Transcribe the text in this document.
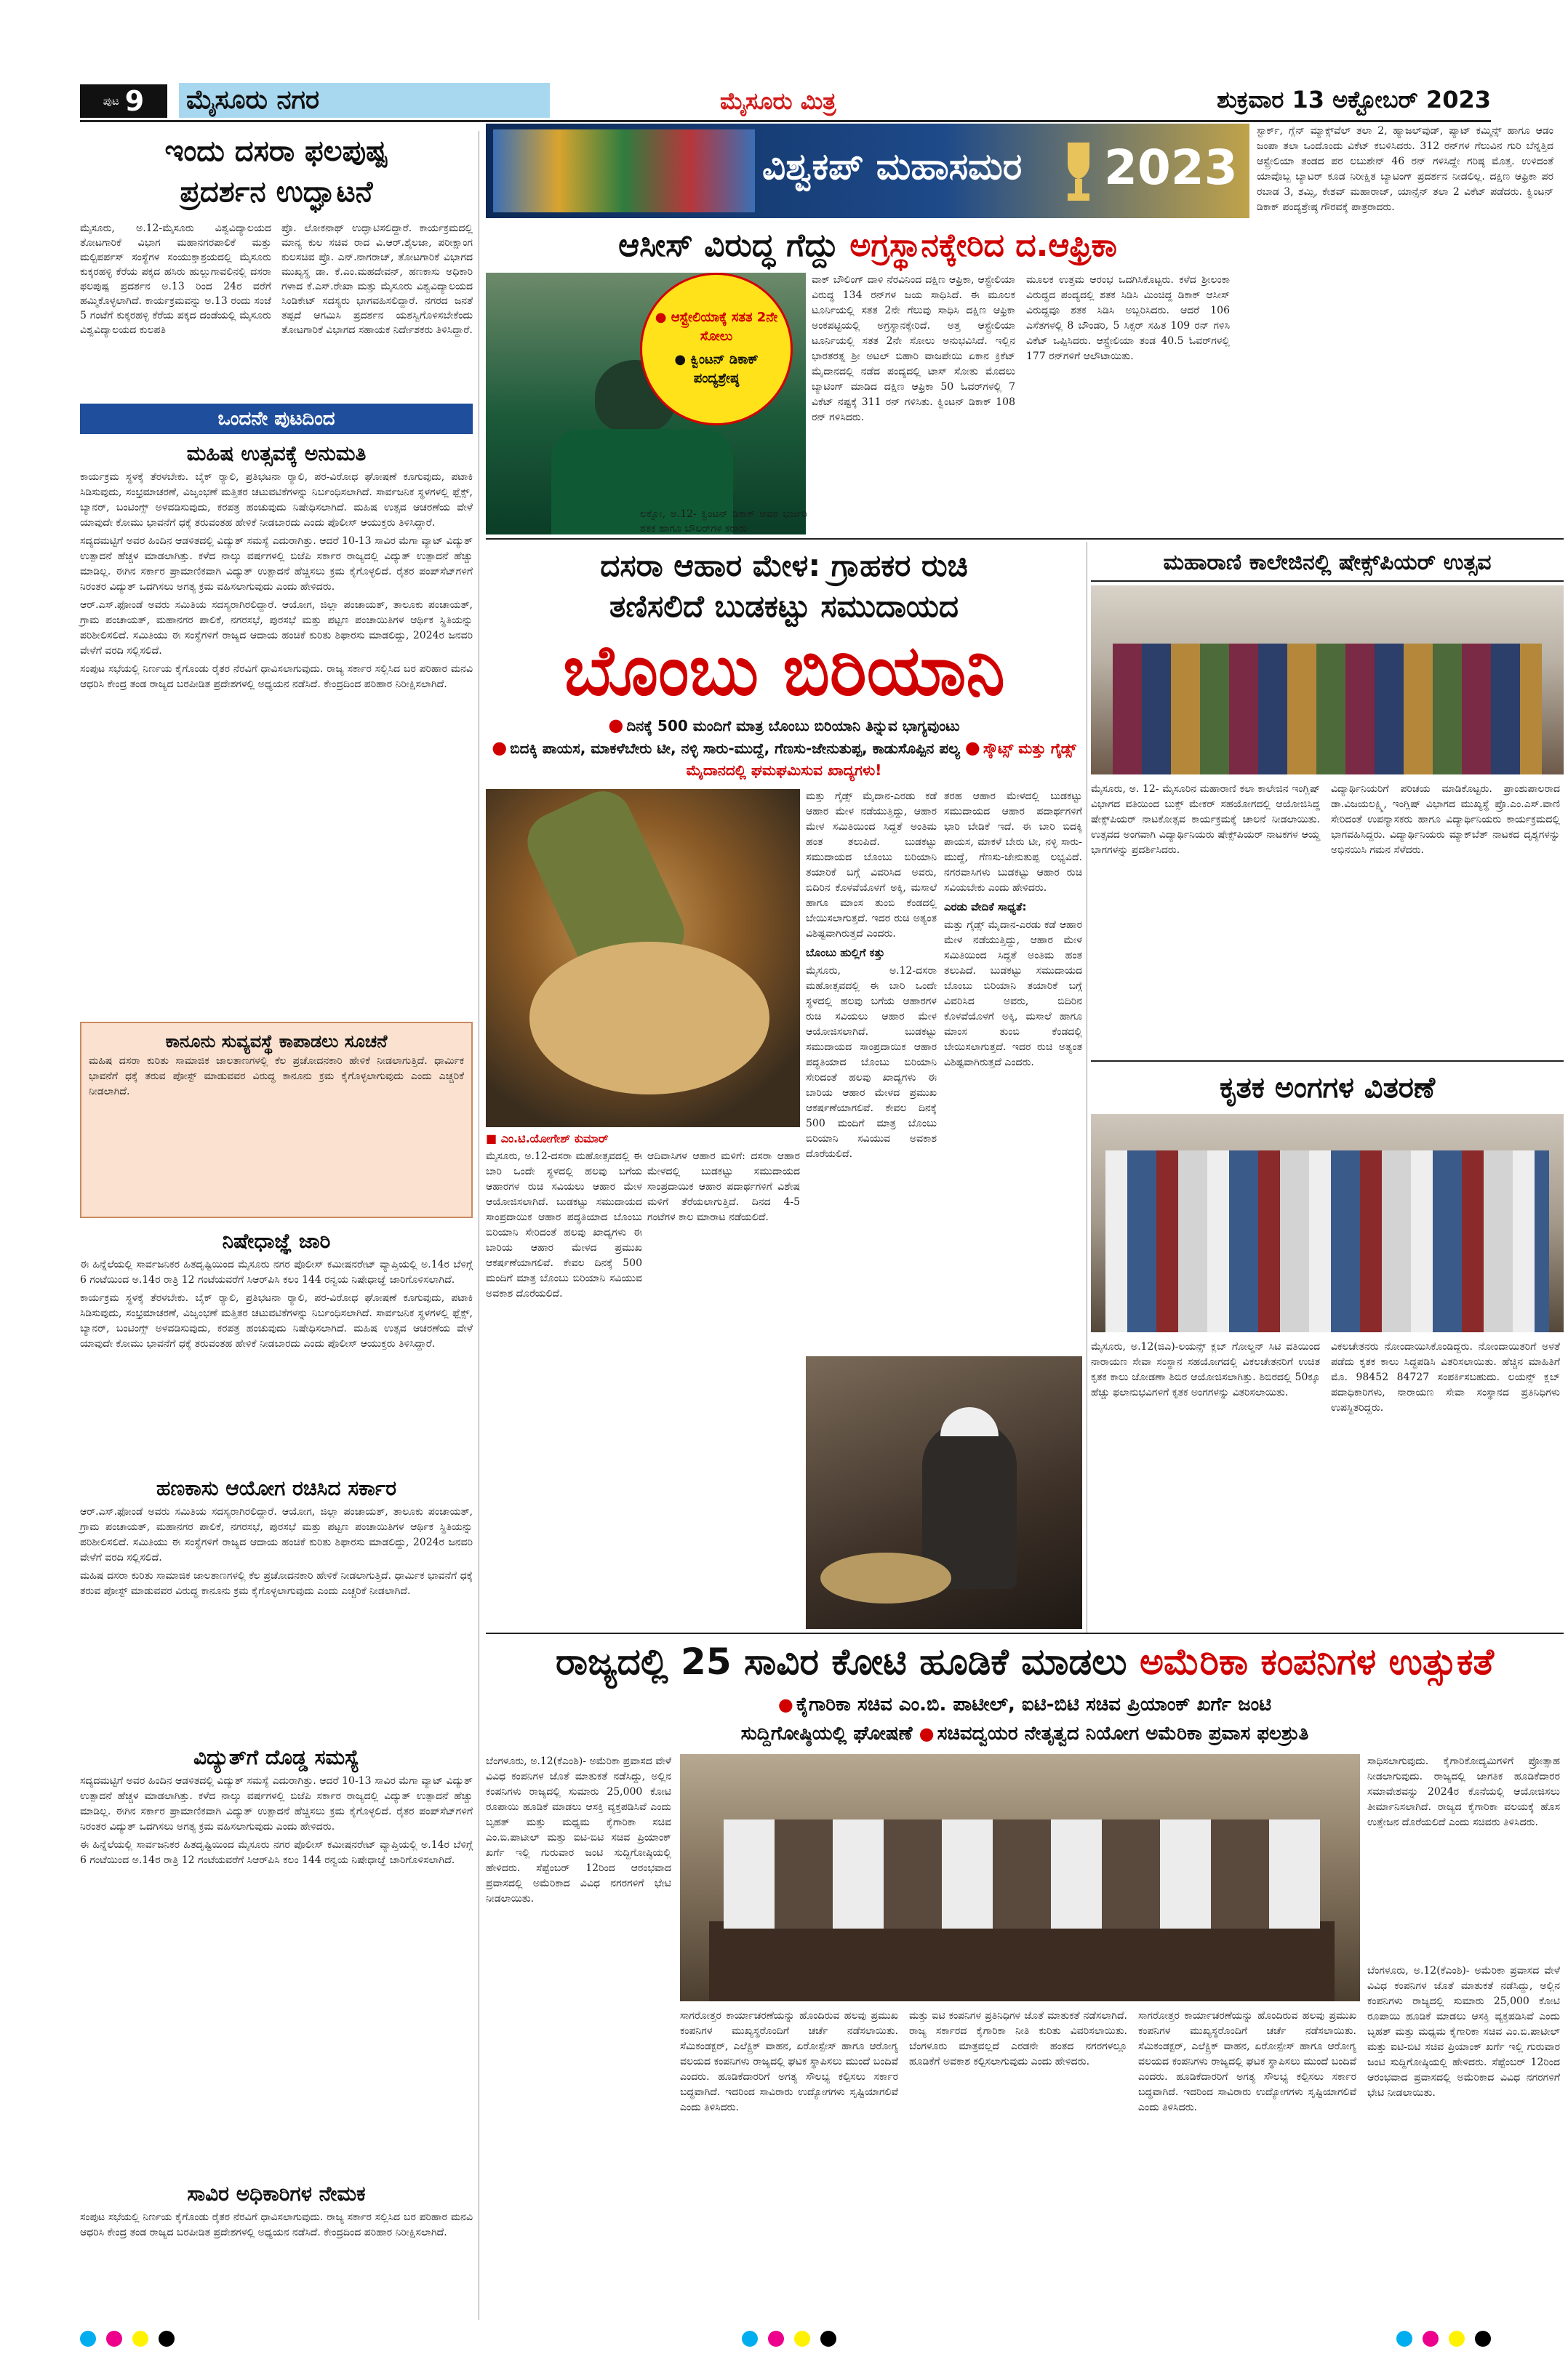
ಪುಟ 9 ಮೈಸೂರು ನಗರ	ಮೈಸೂರು ಮಿತ್ರ	ಶುಕ್ರವಾರ 13 ಅಕ್ಟೋಬರ್ 2023
ಇಂದು ದಸರಾ ಫಲಪುಷ್ಪ
ಪ್ರದರ್ಶನ ಉದ್ಘಾಟನೆ
ಮೈಸೂರು, ಅ.12-ಮೈಸೂರು ವಿಶ್ವವಿದ್ಯಾಲಯದ ತೋಟಗಾರಿಕೆ ವಿಭಾಗ ಮಹಾನಗರಪಾಲಿಕೆ ಮತ್ತು ಮಲ್ಟಿಪರ್ಪಸ್ ಸಂಸ್ಥೆಗಳ ಸಂಯುಕ್ತಾಶ್ರಯದಲ್ಲಿ ಮೈಸೂರು ಕುಕ್ಕರಹಳ್ಳಿ ಕೆರೆಯ ಪಕ್ಕದ ಹಸಿರು ಹುಲ್ಲುಗಾವಲಿನಲ್ಲಿ ದಸರಾ ಫಲಪುಷ್ಪ ಪ್ರದರ್ಶನ ಅ.13 ರಿಂದ 24ರ ವರೆಗೆ ಹಮ್ಮಿಕೊಳ್ಳಲಾಗಿದೆ. ಕಾರ್ಯಕ್ರಮವನ್ನು ಅ.13 ರಂದು ಸಂಜೆ 5 ಗಂಟೆಗೆ ಕುಕ್ಕರಹಳ್ಳಿ ಕೆರೆಯ ಪಕ್ಕದ ದಂಡೆಯಲ್ಲಿ ಮೈಸೂರು ವಿಶ್ವವಿದ್ಯಾಲಯದ ಕುಲಪತಿ
ಪ್ರೊ. ಲೋಕನಾಥ್ ಉದ್ಘಾಟಿಸಲಿದ್ದಾರೆ. ಕಾರ್ಯಕ್ರಮದಲ್ಲಿ ಮಾನ್ಯ ಕುಲ ಸಚಿವ ರಾದ ವಿ.ಆರ್.ಶೈಲಜಾ, ಪರೀಕ್ಷಾಂಗ ಕುಲಸಚಿವ ಪ್ರೊ. ಎನ್.ನಾಗರಾಜ್, ತೋಟಗಾರಿಕೆ ವಿಭಾಗದ ಮುಖ್ಯಸ್ಥ ಡಾ. ಕೆ.ಎಂ.ಮಹದೇವನ್, ಹಣಕಾಸು ಅಧಿಕಾರಿ ಗಳಾದ ಕೆ.ಎಸ್.ರೇಖಾ ಮತ್ತು ಮೈಸೂರು ವಿಶ್ವವಿದ್ಯಾಲಯದ ಸಿಂಡಿಕೇಟ್ ಸದಸ್ಯರು ಭಾಗವಹಿಸಲಿದ್ದಾರೆ. ನಗರದ ಜನತೆ ತಪ್ಪದೆ ಆಗಮಿಸಿ ಪ್ರದರ್ಶನ ಯಶಸ್ವಿಗೊಳಿಸಬೇಕೆಂದು ತೋಟಗಾರಿಕೆ ವಿಭಾಗದ ಸಹಾಯಕ ನಿರ್ದೇಶಕರು ತಿಳಿಸಿದ್ದಾರೆ.
ಒಂದನೇ ಪುಟದಿಂದ
ಮಹಿಷ ಉತ್ಸವಕ್ಕೆ ಅನುಮತಿ
ಕಾರ್ಯಕ್ರಮ ಸ್ಥಳಕ್ಕೆ ತೆರಳಬೇಕು. ಬೈಕ್ ರ್‍ಯಾಲಿ, ಪ್ರತಿಭಟನಾ ರ್‍ಯಾಲಿ, ಪರ-ವಿರೋಧ ಘೋಷಣೆ ಕೂಗುವುದು, ಪಟಾಕಿ ಸಿಡಿಸುವುದು, ಸಂಭ್ರಮಾಚರಣೆ, ವಿಜೃಂಭಣೆ ಮತ್ತಿತರ ಚಟುವಟಿಕೆಗಳನ್ನು ನಿರ್ಬಂಧಿಸಲಾಗಿದೆ. ಸಾರ್ವಜನಿಕ ಸ್ಥಳಗಳಲ್ಲಿ ಫ್ಲೆಕ್ಸ್, ಬ್ಯಾನರ್, ಬಂಟಿಂಗ್ಸ್ ಅಳವಡಿಸುವುದು, ಕರಪತ್ರ ಹಂಚುವುದು ನಿಷೇಧಿಸಲಾಗಿದೆ. ಮಹಿಷ ಉತ್ಸವ ಆಚರಣೆಯ ವೇಳೆ ಯಾವುದೇ ಕೋಮು ಭಾವನೆಗೆ ಧಕ್ಕೆ ತರುವಂತಹ ಹೇಳಿಕೆ ನೀಡಬಾರದು ಎಂದು ಪೊಲೀಸ್ ಆಯುಕ್ತರು ತಿಳಿಸಿದ್ದಾರೆ.
ಸದ್ಯದಮಟ್ಟಿಗೆ ಅವರ ಹಿಂದಿನ ಆಡಳಿತದಲ್ಲಿ ವಿದ್ಯುತ್ ಸಮಸ್ಯೆ ಎದುರಾಗಿತ್ತು. ಆದರೆ 10-13 ಸಾವಿರ ಮೆಗಾ ವ್ಯಾಟ್ ವಿದ್ಯುತ್ ಉತ್ಪಾದನೆ ಹೆಚ್ಚಳ ಮಾಡಲಾಗಿತ್ತು. ಕಳೆದ ನಾಲ್ಕು ವರ್ಷಗಳಲ್ಲಿ ಬಿಜೆಪಿ ಸರ್ಕಾರ ರಾಜ್ಯದಲ್ಲಿ ವಿದ್ಯುತ್ ಉತ್ಪಾದನೆ ಹೆಚ್ಚು ಮಾಡಿಲ್ಲ. ಈಗಿನ ಸರ್ಕಾರ ಪ್ರಾಮಾಣಿಕವಾಗಿ ವಿದ್ಯುತ್ ಉತ್ಪಾದನೆ ಹೆಚ್ಚಿಸಲು ಕ್ರಮ ಕೈಗೊಳ್ಳಲಿದೆ. ರೈತರ ಪಂಪ್‌ಸೆಟ್‌ಗಳಿಗೆ ನಿರಂತರ ವಿದ್ಯುತ್ ಒದಗಿಸಲು ಅಗತ್ಯ ಕ್ರಮ ವಹಿಸಲಾಗುವುದು ಎಂದು ಹೇಳಿದರು.
ಆರ್.ಎಸ್.ಫೋಂಡೆ ಅವರು ಸಮಿತಿಯ ಸದಸ್ಯರಾಗಿರಲಿದ್ದಾರೆ. ಆಯೋಗ, ಜಿಲ್ಲಾ ಪಂಚಾಯತ್, ತಾಲೂಕು ಪಂಚಾಯತ್, ಗ್ರಾಮ ಪಂಚಾಯತ್, ಮಹಾನಗರ ಪಾಲಿಕೆ, ನಗರಸಭೆ, ಪುರಸಭೆ ಮತ್ತು ಪಟ್ಟಣ ಪಂಚಾಯಿತಿಗಳ ಆರ್ಥಿಕ ಸ್ಥಿತಿಯನ್ನು ಪರಿಶೀಲಿಸಲಿದೆ. ಸಮಿತಿಯು ಈ ಸಂಸ್ಥೆಗಳಿಗೆ ರಾಜ್ಯದ ಆದಾಯ ಹಂಚಿಕೆ ಕುರಿತು ಶಿಫಾರಸು ಮಾಡಲಿದ್ದು, 2024ರ ಜನವರಿ ವೇಳೆಗೆ ವರದಿ ಸಲ್ಲಿಸಲಿದೆ.
ಸಂಪುಟ ಸಭೆಯಲ್ಲಿ ನಿರ್ಣಯ ಕೈಗೊಂಡು ರೈತರ ನೆರವಿಗೆ ಧಾವಿಸಲಾಗುವುದು. ರಾಜ್ಯ ಸರ್ಕಾರ ಸಲ್ಲಿಸಿದ ಬರ ಪರಿಹಾರ ಮನವಿ ಆಧರಿಸಿ ಕೇಂದ್ರ ತಂಡ ರಾಜ್ಯದ ಬರಪೀಡಿತ ಪ್ರದೇಶಗಳಲ್ಲಿ ಅಧ್ಯಯನ ನಡೆಸಿದೆ. ಕೇಂದ್ರದಿಂದ ಪರಿಹಾರ ನಿರೀಕ್ಷಿಸಲಾಗಿದೆ.
ಕಾನೂನು ಸುವ್ಯವಸ್ಥೆ ಕಾಪಾಡಲು ಸೂಚನೆ
ಮಹಿಷ ದಸರಾ ಕುರಿತು ಸಾಮಾಜಿಕ ಜಾಲತಾಣಗಳಲ್ಲಿ ಕೆಲ ಪ್ರಚೋದನಕಾರಿ ಹೇಳಿಕೆ ನೀಡಲಾಗುತ್ತಿದೆ. ಧಾರ್ಮಿಕ ಭಾವನೆಗೆ ಧಕ್ಕೆ ತರುವ ಪೋಸ್ಟ್ ಮಾಡುವವರ ವಿರುದ್ಧ ಕಾನೂನು ಕ್ರಮ ಕೈಗೊಳ್ಳಲಾಗುವುದು ಎಂದು ಎಚ್ಚರಿಕೆ ನೀಡಲಾಗಿದೆ.
ನಿಷೇಧಾಜ್ಞೆ ಜಾರಿ
ಈ ಹಿನ್ನೆಲೆಯಲ್ಲಿ ಸಾರ್ವಜನಿಕರ ಹಿತದೃಷ್ಟಿಯಿಂದ ಮೈಸೂರು ನಗರ ಪೊಲೀಸ್ ಕಮೀಷನರೇಟ್ ವ್ಯಾಪ್ತಿಯಲ್ಲಿ ಅ.14ರ ಬೆಳಿಗ್ಗೆ 6 ಗಂಟೆಯಿಂದ ಅ.14ರ ರಾತ್ರಿ 12 ಗಂಟೆಯವರೆಗೆ ಸಿಆರ್‌ಪಿಸಿ ಕಲಂ 144 ರನ್ವಯ ನಿಷೇಧಾಜ್ಞೆ ಜಾರಿಗೊಳಿಸಲಾಗಿದೆ.
ಕಾರ್ಯಕ್ರಮ ಸ್ಥಳಕ್ಕೆ ತೆರಳಬೇಕು. ಬೈಕ್ ರ್‍ಯಾಲಿ, ಪ್ರತಿಭಟನಾ ರ್‍ಯಾಲಿ, ಪರ-ವಿರೋಧ ಘೋಷಣೆ ಕೂಗುವುದು, ಪಟಾಕಿ ಸಿಡಿಸುವುದು, ಸಂಭ್ರಮಾಚರಣೆ, ವಿಜೃಂಭಣೆ ಮತ್ತಿತರ ಚಟುವಟಿಕೆಗಳನ್ನು ನಿರ್ಬಂಧಿಸಲಾಗಿದೆ. ಸಾರ್ವಜನಿಕ ಸ್ಥಳಗಳಲ್ಲಿ ಫ್ಲೆಕ್ಸ್, ಬ್ಯಾನರ್, ಬಂಟಿಂಗ್ಸ್ ಅಳವಡಿಸುವುದು, ಕರಪತ್ರ ಹಂಚುವುದು ನಿಷೇಧಿಸಲಾಗಿದೆ. ಮಹಿಷ ಉತ್ಸವ ಆಚರಣೆಯ ವೇಳೆ ಯಾವುದೇ ಕೋಮು ಭಾವನೆಗೆ ಧಕ್ಕೆ ತರುವಂತಹ ಹೇಳಿಕೆ ನೀಡಬಾರದು ಎಂದು ಪೊಲೀಸ್ ಆಯುಕ್ತರು ತಿಳಿಸಿದ್ದಾರೆ.
ಹಣಕಾಸು ಆಯೋಗ ರಚಿಸಿದ ಸರ್ಕಾರ
ಆರ್.ಎಸ್.ಫೋಂಡೆ ಅವರು ಸಮಿತಿಯ ಸದಸ್ಯರಾಗಿರಲಿದ್ದಾರೆ. ಆಯೋಗ, ಜಿಲ್ಲಾ ಪಂಚಾಯತ್, ತಾಲೂಕು ಪಂಚಾಯತ್, ಗ್ರಾಮ ಪಂಚಾಯತ್, ಮಹಾನಗರ ಪಾಲಿಕೆ, ನಗರಸಭೆ, ಪುರಸಭೆ ಮತ್ತು ಪಟ್ಟಣ ಪಂಚಾಯಿತಿಗಳ ಆರ್ಥಿಕ ಸ್ಥಿತಿಯನ್ನು ಪರಿಶೀಲಿಸಲಿದೆ. ಸಮಿತಿಯು ಈ ಸಂಸ್ಥೆಗಳಿಗೆ ರಾಜ್ಯದ ಆದಾಯ ಹಂಚಿಕೆ ಕುರಿತು ಶಿಫಾರಸು ಮಾಡಲಿದ್ದು, 2024ರ ಜನವರಿ ವೇಳೆಗೆ ವರದಿ ಸಲ್ಲಿಸಲಿದೆ.
ಮಹಿಷ ದಸರಾ ಕುರಿತು ಸಾಮಾಜಿಕ ಜಾಲತಾಣಗಳಲ್ಲಿ ಕೆಲ ಪ್ರಚೋದನಕಾರಿ ಹೇಳಿಕೆ ನೀಡಲಾಗುತ್ತಿದೆ. ಧಾರ್ಮಿಕ ಭಾವನೆಗೆ ಧಕ್ಕೆ ತರುವ ಪೋಸ್ಟ್ ಮಾಡುವವರ ವಿರುದ್ಧ ಕಾನೂನು ಕ್ರಮ ಕೈಗೊಳ್ಳಲಾಗುವುದು ಎಂದು ಎಚ್ಚರಿಕೆ ನೀಡಲಾಗಿದೆ.
ವಿದ್ಯುತ್‌ಗೆ ದೊಡ್ಡ ಸಮಸ್ಯೆ
ಸದ್ಯದಮಟ್ಟಿಗೆ ಅವರ ಹಿಂದಿನ ಆಡಳಿತದಲ್ಲಿ ವಿದ್ಯುತ್ ಸಮಸ್ಯೆ ಎದುರಾಗಿತ್ತು. ಆದರೆ 10-13 ಸಾವಿರ ಮೆಗಾ ವ್ಯಾಟ್ ವಿದ್ಯುತ್ ಉತ್ಪಾದನೆ ಹೆಚ್ಚಳ ಮಾಡಲಾಗಿತ್ತು. ಕಳೆದ ನಾಲ್ಕು ವರ್ಷಗಳಲ್ಲಿ ಬಿಜೆಪಿ ಸರ್ಕಾರ ರಾಜ್ಯದಲ್ಲಿ ವಿದ್ಯುತ್ ಉತ್ಪಾದನೆ ಹೆಚ್ಚು ಮಾಡಿಲ್ಲ. ಈಗಿನ ಸರ್ಕಾರ ಪ್ರಾಮಾಣಿಕವಾಗಿ ವಿದ್ಯುತ್ ಉತ್ಪಾದನೆ ಹೆಚ್ಚಿಸಲು ಕ್ರಮ ಕೈಗೊಳ್ಳಲಿದೆ. ರೈತರ ಪಂಪ್‌ಸೆಟ್‌ಗಳಿಗೆ ನಿರಂತರ ವಿದ್ಯುತ್ ಒದಗಿಸಲು ಅಗತ್ಯ ಕ್ರಮ ವಹಿಸಲಾಗುವುದು ಎಂದು ಹೇಳಿದರು.
ಈ ಹಿನ್ನೆಲೆಯಲ್ಲಿ ಸಾರ್ವಜನಿಕರ ಹಿತದೃಷ್ಟಿಯಿಂದ ಮೈಸೂರು ನಗರ ಪೊಲೀಸ್ ಕಮೀಷನರೇಟ್ ವ್ಯಾಪ್ತಿಯಲ್ಲಿ ಅ.14ರ ಬೆಳಿಗ್ಗೆ 6 ಗಂಟೆಯಿಂದ ಅ.14ರ ರಾತ್ರಿ 12 ಗಂಟೆಯವರೆಗೆ ಸಿಆರ್‌ಪಿಸಿ ಕಲಂ 144 ರನ್ವಯ ನಿಷೇಧಾಜ್ಞೆ ಜಾರಿಗೊಳಿಸಲಾಗಿದೆ.
ಸಾವಿರ ಅಧಿಕಾರಿಗಳ ನೇಮಕ
ಸಂಪುಟ ಸಭೆಯಲ್ಲಿ ನಿರ್ಣಯ ಕೈಗೊಂಡು ರೈತರ ನೆರವಿಗೆ ಧಾವಿಸಲಾಗುವುದು. ರಾಜ್ಯ ಸರ್ಕಾರ ಸಲ್ಲಿಸಿದ ಬರ ಪರಿಹಾರ ಮನವಿ ಆಧರಿಸಿ ಕೇಂದ್ರ ತಂಡ ರಾಜ್ಯದ ಬರಪೀಡಿತ ಪ್ರದೇಶಗಳಲ್ಲಿ ಅಧ್ಯಯನ ನಡೆಸಿದೆ. ಕೇಂದ್ರದಿಂದ ಪರಿಹಾರ ನಿರೀಕ್ಷಿಸಲಾಗಿದೆ.
ವಿಶ್ವಕಪ್ ಮಹಾಸಮರ 2023
ಆಸೀಸ್ ವಿರುದ್ಧ ಗೆದ್ದು ಅಗ್ರಸ್ಥಾನಕ್ಕೇರಿದ ದ.ಆಫ್ರಿಕಾ
● ಆಸ್ಟ್ರೇಲಿಯಾಕ್ಕೆ ಸತತ 2ನೇ ಸೋಲು
● ಕ್ವಿಂಟನ್ ಡಿಕಾಕ್ ಪಂದ್ಯಶ್ರೇಷ್ಠ
ಲಕ್ನೋ, ಅ.12- ಕ್ವಿಂಟನ್ ಡಿಕಾಕ್ ಅವರ ಭರ್ಜರಿ ಶತಕ ಹಾಗೂ ಬೌಲರ್‌ಗಳ ಕರಾರು
ವಾಕ್ ಬೌಲಿಂಗ್ ದಾಳಿ ನೆರವಿನಿಂದ ದಕ್ಷಿಣ ಆಫ್ರಿಕಾ, ಆಸ್ಟ್ರೇಲಿಯಾ ವಿರುದ್ಧ 134 ರನ್‌ಗಳ ಜಯ ಸಾಧಿಸಿದೆ. ಈ ಮೂಲಕ ಟೂರ್ನಿಯಲ್ಲಿ ಸತತ 2ನೇ ಗೆಲುವು ಸಾಧಿಸಿ ದಕ್ಷಿಣ ಆಫ್ರಿಕಾ ಅಂಕಪಟ್ಟಿಯಲ್ಲಿ ಅಗ್ರಸ್ಥಾನಕ್ಕೇರಿದೆ. ಅತ್ತ ಆಸ್ಟ್ರೇಲಿಯಾ ಟೂರ್ನಿಯಲ್ಲಿ ಸತತ 2ನೇ ಸೋಲು ಅನುಭವಿಸಿದೆ. ಇಲ್ಲಿನ ಭಾರತರತ್ನ ಶ್ರೀ ಅಟಲ್ ಬಿಹಾರಿ ವಾಜಪೇಯಿ ಏಕಾನ ಕ್ರಿಕೆಟ್ ಮೈದಾನದಲ್ಲಿ ನಡೆದ ಪಂದ್ಯದಲ್ಲಿ ಟಾಸ್ ಸೋತು ಮೊದಲು ಬ್ಯಾಟಿಂಗ್ ಮಾಡಿದ ದಕ್ಷಿಣ ಆಫ್ರಿಕಾ 50 ಓವರ್‌ಗಳಲ್ಲಿ 7 ವಿಕೆಟ್ ನಷ್ಟಕ್ಕೆ 311 ರನ್ ಗಳಿಸಿತು. ಕ್ವಿಂಟನ್ ಡಿಕಾಕ್ 108 ರನ್ ಗಳಿಸಿದರು.
ಮೂಲಕ ಉತ್ತಮ ಆರಂಭ ಒದಗಿಸಿಕೊಟ್ಟರು. ಕಳೆದ ಶ್ರೀಲಂಕಾ ವಿರುದ್ಧದ ಪಂದ್ಯದಲ್ಲಿ ಶತಕ ಸಿಡಿಸಿ ಮಿಂಚಿದ್ದ ಡಿಕಾಕ್ ಆಸೀಸ್ ವಿರುದ್ಧವೂ ಶತಕ ಸಿಡಿಸಿ ಅಬ್ಬರಿಸಿದರು. ಆದರೆ 106 ಎಸೆತಗಳಲ್ಲಿ 8 ಬೌಂಡರಿ, 5 ಸಿಕ್ಸರ್ ಸಹಿತ 109 ರನ್ ಗಳಿಸಿ ವಿಕೆಟ್ ಒಪ್ಪಿಸಿದರು. ಆಸ್ಟ್ರೇಲಿಯಾ ತಂಡ 40.5 ಓವರ್‌ಗಳಲ್ಲಿ 177 ರನ್‌ಗಳಿಗೆ ಆಲೌಟಾಯಿತು.
ಸ್ಟಾರ್ಕ್, ಗ್ಲೆನ್ ಮ್ಯಾಕ್ಸ್‌ವೆಲ್ ತಲಾ 2, ಹ್ಯಾಜಲ್‌ವುಡ್, ಪ್ಯಾಟ್ ಕಮ್ಮಿನ್ಸ್ ಹಾಗೂ ಆಡಂ ಜಂಪಾ ತಲಾ ಒಂದೊಂದು ವಿಕೆಟ್ ಕಬಳಿಸಿದರು. 312 ರನ್‌ಗಳ ಗೆಲುವಿನ ಗುರಿ ಬೆನ್ನತ್ತಿದ ಆಸ್ಟ್ರೇಲಿಯಾ ತಂಡದ ಪರ ಲಬುಶೇನ್ 46 ರನ್ ಗಳಿಸಿದ್ದೇ ಗರಿಷ್ಠ ಮೊತ್ತ. ಉಳಿದಂತೆ ಯಾವೊಬ್ಬ ಬ್ಯಾಟರ್ ಕೂಡ ನಿರೀಕ್ಷಿತ ಬ್ಯಾಟಿಂಗ್ ಪ್ರದರ್ಶನ ನೀಡಲಿಲ್ಲ. ದಕ್ಷಿಣ ಆಫ್ರಿಕಾ ಪರ ರಬಾಡ 3, ಶಮ್ಸಿ, ಕೇಶವ್ ಮಹಾರಾಜ್, ಯಾನ್ಸೆನ್ ತಲಾ 2 ವಿಕೆಟ್ ಪಡೆದರು. ಕ್ವಿಂಟನ್ ಡಿಕಾಕ್ ಪಂದ್ಯಶ್ರೇಷ್ಠ ಗೌರವಕ್ಕೆ ಪಾತ್ರರಾದರು.
ದಸರಾ ಆಹಾರ ಮೇಳ: ಗ್ರಾಹಕರ ರುಚಿ
ತಣಿಸಲಿದೆ ಬುಡಕಟ್ಟು ಸಮುದಾಯದ
ಬೊಂಬು ಬಿರಿಯಾನಿ
● ದಿನಕ್ಕೆ 500 ಮಂದಿಗೆ ಮಾತ್ರ ಬೊಂಬು ಬಿರಿಯಾನಿ ತಿನ್ನುವ ಭಾಗ್ಯವುಂಟು
● ಬಿದಕ್ಕಿ ಪಾಯಸ, ಮಾಕಳೆಬೇರು ಟೀ, ನಳ್ಳಿ ಸಾರು-ಮುದ್ದೆ, ಗೆಣಸು-ಜೇನುತುಪ್ಪ, ಕಾಡುಸೊಪ್ಪಿನ ಪಲ್ಯ ● ಸ್ಕೌಟ್ಸ್ ಮತ್ತು ಗೈಡ್ಸ್ ಮೈದಾನದಲ್ಲಿ ಘಮಘಮಿಸುವ ಖಾದ್ಯಗಳು!
■ ಎಂ.ಟಿ.ಯೋಗೇಶ್ ಕುಮಾರ್
ಮೈಸೂರು, ಅ.12-ದಸರಾ ಮಹೋತ್ಸವದಲ್ಲಿ ಈ ಬಾರಿ ಒಂದೇ ಸ್ಥಳದಲ್ಲಿ ಹಲವು ಬಗೆಯ ಆಹಾರಗಳ ರುಚಿ ಸವಿಯಲು ಆಹಾರ ಮೇಳ ಆಯೋಜಿಸಲಾಗಿದೆ. ಬುಡಕಟ್ಟು ಸಮುದಾಯದ ಸಾಂಪ್ರದಾಯಿಕ ಆಹಾರ ಪದ್ಧತಿಯಾದ ಬೊಂಬು ಬಿರಿಯಾನಿ ಸೇರಿದಂತೆ ಹಲವು ಖಾದ್ಯಗಳು ಈ ಬಾರಿಯ ಆಹಾರ ಮೇಳದ ಪ್ರಮುಖ ಆಕರ್ಷಣೆಯಾಗಲಿವೆ. ಕೇವಲ ದಿನಕ್ಕೆ 500 ಮಂದಿಗೆ ಮಾತ್ರ ಬೊಂಬು ಬಿರಿಯಾನಿ ಸವಿಯುವ ಅವಕಾಶ ದೊರೆಯಲಿದೆ.
ಆದಿವಾಸಿಗಳ ಆಹಾರ ಮಳಿಗೆ: ದಸರಾ ಆಹಾರ ಮೇಳದಲ್ಲಿ ಬುಡಕಟ್ಟು ಸಮುದಾಯದ ಸಾಂಪ್ರದಾಯಿಕ ಆಹಾರ ಪದಾರ್ಥಗಳಿಗೆ ವಿಶೇಷ ಮಳಿಗೆ ತೆರೆಯಲಾಗುತ್ತಿದೆ. ದಿನದ 4-5 ಗಂಟೆಗಳ ಕಾಲ ಮಾರಾಟ ನಡೆಯಲಿದೆ.
ಮತ್ತು ಗೈಡ್ಸ್ ಮೈದಾನ-ಎರಡು ಕಡೆ ಆಹಾರ ಮೇಳ ನಡೆಯುತ್ತಿದ್ದು, ಆಹಾರ ಮೇಳ ಸಮಿತಿಯಿಂದ ಸಿದ್ಧತೆ ಅಂತಿಮ ಹಂತ ತಲುಪಿದೆ. ಬುಡಕಟ್ಟು ಸಮುದಾಯದ ಬೊಂಬು ಬಿರಿಯಾನಿ ತಯಾರಿಕೆ ಬಗ್ಗೆ ವಿವರಿಸಿದ ಅವರು, ಬಿದಿರಿನ ಕೊಳವೆಯೊಳಗೆ ಅಕ್ಕಿ, ಮಸಾಲೆ ಹಾಗೂ ಮಾಂಸ ತುಂಬಿ ಕೆಂಡದಲ್ಲಿ ಬೇಯಿಸಲಾಗುತ್ತದೆ. ಇದರ ರುಚಿ ಅತ್ಯಂತ ವಿಶಿಷ್ಟವಾಗಿರುತ್ತದೆ ಎಂದರು.
ಬೊಂಬು ಹುಲ್ಲಿಗೆ ಕತ್ತು
ಮೈಸೂರು, ಅ.12-ದಸರಾ ಮಹೋತ್ಸವದಲ್ಲಿ ಈ ಬಾರಿ ಒಂದೇ ಸ್ಥಳದಲ್ಲಿ ಹಲವು ಬಗೆಯ ಆಹಾರಗಳ ರುಚಿ ಸವಿಯಲು ಆಹಾರ ಮೇಳ ಆಯೋಜಿಸಲಾಗಿದೆ. ಬುಡಕಟ್ಟು ಸಮುದಾಯದ ಸಾಂಪ್ರದಾಯಿಕ ಆಹಾರ ಪದ್ಧತಿಯಾದ ಬೊಂಬು ಬಿರಿಯಾನಿ ಸೇರಿದಂತೆ ಹಲವು ಖಾದ್ಯಗಳು ಈ ಬಾರಿಯ ಆಹಾರ ಮೇಳದ ಪ್ರಮುಖ ಆಕರ್ಷಣೆಯಾಗಲಿವೆ. ಕೇವಲ ದಿನಕ್ಕೆ 500 ಮಂದಿಗೆ ಮಾತ್ರ ಬೊಂಬು ಬಿರಿಯಾನಿ ಸವಿಯುವ ಅವಕಾಶ ದೊರೆಯಲಿದೆ.
ತರಹ ಆಹಾರ ಮೇಳದಲ್ಲಿ ಬುಡಕಟ್ಟು ಸಮುದಾಯದ ಆಹಾರ ಪದಾರ್ಥಗಳಿಗೆ ಭಾರಿ ಬೇಡಿಕೆ ಇದೆ. ಈ ಬಾರಿ ಬಿದಕ್ಕಿ ಪಾಯಸ, ಮಾಕಳೆ ಬೇರು ಟೀ, ನಳ್ಳಿ ಸಾರು-ಮುದ್ದೆ, ಗೆಣಸು-ಜೇನುತುಪ್ಪ ಲಭ್ಯವಿದೆ. ನಗರವಾಸಿಗಳು ಬುಡಕಟ್ಟು ಆಹಾರ ರುಚಿ ಸವಿಯಬೇಕು ಎಂದು ಹೇಳಿದರು.
ಎರಡು ವೇದಿಕೆ ಸಾಧ್ಯತೆ:
ಮತ್ತು ಗೈಡ್ಸ್ ಮೈದಾನ-ಎರಡು ಕಡೆ ಆಹಾರ ಮೇಳ ನಡೆಯುತ್ತಿದ್ದು, ಆಹಾರ ಮೇಳ ಸಮಿತಿಯಿಂದ ಸಿದ್ಧತೆ ಅಂತಿಮ ಹಂತ ತಲುಪಿದೆ. ಬುಡಕಟ್ಟು ಸಮುದಾಯದ ಬೊಂಬು ಬಿರಿಯಾನಿ ತಯಾರಿಕೆ ಬಗ್ಗೆ ವಿವರಿಸಿದ ಅವರು, ಬಿದಿರಿನ ಕೊಳವೆಯೊಳಗೆ ಅಕ್ಕಿ, ಮಸಾಲೆ ಹಾಗೂ ಮಾಂಸ ತುಂಬಿ ಕೆಂಡದಲ್ಲಿ ಬೇಯಿಸಲಾಗುತ್ತದೆ. ಇದರ ರುಚಿ ಅತ್ಯಂತ ವಿಶಿಷ್ಟವಾಗಿರುತ್ತದೆ ಎಂದರು.
ಮಹಾರಾಣಿ ಕಾಲೇಜಿನಲ್ಲಿ ಷೇಕ್ಸ್‌ಪಿಯರ್ ಉತ್ಸವ
ಮೈಸೂರು, ಅ. 12- ಮೈಸೂರಿನ ಮಹಾರಾಣಿ ಕಲಾ ಕಾಲೇಜಿನ ಇಂಗ್ಲಿಷ್ ವಿಭಾಗದ ವತಿಯಿಂದ ಬುಕ್ಸ್ ಮೇಕರ್ ಸಹಯೋಗದಲ್ಲಿ ಆಯೋಜಿಸಿದ್ದ ಷೇಕ್ಸ್‌ಪಿಯರ್ ನಾಟಕೋತ್ಸವ ಕಾರ್ಯಕ್ರಮಕ್ಕೆ ಚಾಲನೆ ನೀಡಲಾಯಿತು. ಉತ್ಸವದ ಅಂಗವಾಗಿ ವಿದ್ಯಾರ್ಥಿನಿಯರು ಷೇಕ್ಸ್‌ಪಿಯರ್ ನಾಟಕಗಳ ಆಯ್ದ ಭಾಗಗಳನ್ನು ಪ್ರದರ್ಶಿಸಿದರು.
ವಿದ್ಯಾರ್ಥಿನಿಯರಿಗೆ ಪರಿಚಯ ಮಾಡಿಕೊಟ್ಟರು. ಪ್ರಾಂಶುಪಾಲರಾದ ಡಾ.ವಿಜಯಲಕ್ಷ್ಮಿ, ಇಂಗ್ಲಿಷ್ ವಿಭಾಗದ ಮುಖ್ಯಸ್ಥೆ ಪ್ರೊ.ಎಂ.ಎಸ್.ವಾಣಿ ಸೇರಿದಂತೆ ಉಪನ್ಯಾಸಕರು ಹಾಗೂ ವಿದ್ಯಾರ್ಥಿನಿಯರು ಕಾರ್ಯಕ್ರಮದಲ್ಲಿ ಭಾಗವಹಿಸಿದ್ದರು. ವಿದ್ಯಾರ್ಥಿನಿಯರು ಮ್ಯಾಕ್‌ಬೆತ್ ನಾಟಕದ ದೃಶ್ಯಗಳನ್ನು ಅಭಿನಯಿಸಿ ಗಮನ ಸೆಳೆದರು.
ಕೃತಕ ಅಂಗಗಳ ವಿತರಣೆ
ಮೈಸೂರು, ಅ.12(ಜಿಎ)-ಲಯನ್ಸ್ ಕ್ಲಬ್ ಗೋಲ್ಡನ್ ಸಿಟಿ ವತಿಯಿಂದ ನಾರಾಯಣ ಸೇವಾ ಸಂಸ್ಥಾನ ಸಹಯೋಗದಲ್ಲಿ ವಿಕಲಚೇತನರಿಗೆ ಉಚಿತ ಕೃತಕ ಕಾಲು ಜೋಡಣಾ ಶಿಬಿರ ಆಯೋಜಿಸಲಾಗಿತ್ತು. ಶಿಬಿರದಲ್ಲಿ 50ಕ್ಕೂ ಹೆಚ್ಚು ಫಲಾನುಭವಿಗಳಿಗೆ ಕೃತಕ ಅಂಗಗಳನ್ನು ವಿತರಿಸಲಾಯಿತು.
ವಿಕಲಚೇತನರು ನೋಂದಾಯಿಸಿಕೊಂಡಿದ್ದರು. ನೋಂದಾಯಿತರಿಗೆ ಅಳತೆ ಪಡೆದು ಕೃತಕ ಕಾಲು ಸಿದ್ಧಪಡಿಸಿ ವಿತರಿಸಲಾಯಿತು. ಹೆಚ್ಚಿನ ಮಾಹಿತಿಗೆ ಮೊ. 98452 84727 ಸಂಪರ್ಕಿಸಬಹುದು. ಲಯನ್ಸ್ ಕ್ಲಬ್ ಪದಾಧಿಕಾರಿಗಳು, ನಾರಾಯಣ ಸೇವಾ ಸಂಸ್ಥಾನದ ಪ್ರತಿನಿಧಿಗಳು ಉಪಸ್ಥಿತರಿದ್ದರು.
ರಾಜ್ಯದಲ್ಲಿ 25 ಸಾವಿರ ಕೋಟಿ ಹೂಡಿಕೆ ಮಾಡಲು ಅಮೆರಿಕಾ ಕಂಪನಿಗಳ ಉತ್ಸುಕತೆ
● ಕೈಗಾರಿಕಾ ಸಚಿವ ಎಂ.ಬಿ. ಪಾಟೀಲ್, ಐಟಿ-ಬಿಟಿ ಸಚಿವ ಪ್ರಿಯಾಂಕ್ ಖರ್ಗೆ ಜಂಟಿ
ಸುದ್ದಿಗೋಷ್ಠಿಯಲ್ಲಿ ಘೋಷಣೆ ● ಸಚಿವದ್ವಯರ ನೇತೃತ್ವದ ನಿಯೋಗ ಅಮೆರಿಕಾ ಪ್ರವಾಸ ಫಲಶ್ರುತಿ
ಬೆಂಗಳೂರು, ಅ.12(ಕೆಎಂಶಿ)- ಅಮೆರಿಕಾ ಪ್ರವಾಸದ ವೇಳೆ ವಿವಿಧ ಕಂಪನಿಗಳ ಜೊತೆ ಮಾತುಕತೆ ನಡೆಸಿದ್ದು, ಅಲ್ಲಿನ ಕಂಪನಿಗಳು ರಾಜ್ಯದಲ್ಲಿ ಸುಮಾರು 25,000 ಕೋಟಿ ರೂಪಾಯಿ ಹೂಡಿಕೆ ಮಾಡಲು ಆಸಕ್ತಿ ವ್ಯಕ್ತಪಡಿಸಿವೆ ಎಂದು ಬೃಹತ್ ಮತ್ತು ಮಧ್ಯಮ ಕೈಗಾರಿಕಾ ಸಚಿವ ಎಂ.ಬಿ.ಪಾಟೀಲ್ ಮತ್ತು ಐಟಿ-ಬಿಟಿ ಸಚಿವ ಪ್ರಿಯಾಂಕ್ ಖರ್ಗೆ ಇಲ್ಲಿ ಗುರುವಾರ ಜಂಟಿ ಸುದ್ದಿಗೋಷ್ಠಿಯಲ್ಲಿ ಹೇಳಿದರು. ಸೆಪ್ಟೆಂಬರ್ 12ರಿಂದ ಆರಂಭವಾದ ಪ್ರವಾಸದಲ್ಲಿ ಅಮೆರಿಕಾದ ವಿವಿಧ ನಗರಗಳಿಗೆ ಭೇಟಿ ನೀಡಲಾಯಿತು.
ಸಾಗರೋತ್ತರ ಕಾರ್ಯಾಚರಣೆಯನ್ನು ಹೊಂದಿರುವ ಹಲವು ಪ್ರಮುಖ ಕಂಪನಿಗಳ ಮುಖ್ಯಸ್ಥರೊಂದಿಗೆ ಚರ್ಚೆ ನಡೆಸಲಾಯಿತು. ಸೆಮಿಕಂಡಕ್ಟರ್, ಎಲೆಕ್ಟ್ರಿಕ್ ವಾಹನ, ಏರೋಸ್ಪೇಸ್ ಹಾಗೂ ಆರೋಗ್ಯ ವಲಯದ ಕಂಪನಿಗಳು ರಾಜ್ಯದಲ್ಲಿ ಘಟಕ ಸ್ಥಾಪಿಸಲು ಮುಂದೆ ಬಂದಿವೆ ಎಂದರು. ಹೂಡಿಕೆದಾರರಿಗೆ ಅಗತ್ಯ ಸೌಲಭ್ಯ ಕಲ್ಪಿಸಲು ಸರ್ಕಾರ ಬದ್ಧವಾಗಿದೆ. ಇದರಿಂದ ಸಾವಿರಾರು ಉದ್ಯೋಗಗಳು ಸೃಷ್ಟಿಯಾಗಲಿವೆ ಎಂದು ತಿಳಿಸಿದರು.
ಮತ್ತು ಐಟಿ ಕಂಪನಿಗಳ ಪ್ರತಿನಿಧಿಗಳ ಜೊತೆ ಮಾತುಕತೆ ನಡೆಸಲಾಗಿದೆ. ರಾಜ್ಯ ಸರ್ಕಾರದ ಕೈಗಾರಿಕಾ ನೀತಿ ಕುರಿತು ವಿವರಿಸಲಾಯಿತು. ಬೆಂಗಳೂರು ಮಾತ್ರವಲ್ಲದೆ ಎರಡನೇ ಹಂತದ ನಗರಗಳಲ್ಲೂ ಹೂಡಿಕೆಗೆ ಅವಕಾಶ ಕಲ್ಪಿಸಲಾಗುವುದು ಎಂದು ಹೇಳಿದರು.
ಸಾಗರೋತ್ತರ ಕಾರ್ಯಾಚರಣೆಯನ್ನು ಹೊಂದಿರುವ ಹಲವು ಪ್ರಮುಖ ಕಂಪನಿಗಳ ಮುಖ್ಯಸ್ಥರೊಂದಿಗೆ ಚರ್ಚೆ ನಡೆಸಲಾಯಿತು. ಸೆಮಿಕಂಡಕ್ಟರ್, ಎಲೆಕ್ಟ್ರಿಕ್ ವಾಹನ, ಏರೋಸ್ಪೇಸ್ ಹಾಗೂ ಆರೋಗ್ಯ ವಲಯದ ಕಂಪನಿಗಳು ರಾಜ್ಯದಲ್ಲಿ ಘಟಕ ಸ್ಥಾಪಿಸಲು ಮುಂದೆ ಬಂದಿವೆ ಎಂದರು. ಹೂಡಿಕೆದಾರರಿಗೆ ಅಗತ್ಯ ಸೌಲಭ್ಯ ಕಲ್ಪಿಸಲು ಸರ್ಕಾರ ಬದ್ಧವಾಗಿದೆ. ಇದರಿಂದ ಸಾವಿರಾರು ಉದ್ಯೋಗಗಳು ಸೃಷ್ಟಿಯಾಗಲಿವೆ ಎಂದು ತಿಳಿಸಿದರು.
ಸಾಧಿಸಲಾಗುವುದು. ಕೈಗಾರಿಕೋದ್ಯಮಿಗಳಿಗೆ ಪ್ರೋತ್ಸಾಹ ನೀಡಲಾಗುವುದು. ರಾಜ್ಯದಲ್ಲಿ ಜಾಗತಿಕ ಹೂಡಿಕೆದಾರರ ಸಮಾವೇಶವನ್ನು 2024ರ ಕೊನೆಯಲ್ಲಿ ಆಯೋಜಿಸಲು ತೀರ್ಮಾನಿಸಲಾಗಿದೆ. ರಾಜ್ಯದ ಕೈಗಾರಿಕಾ ವಲಯಕ್ಕೆ ಹೊಸ ಉತ್ತೇಜನ ದೊರೆಯಲಿದೆ ಎಂದು ಸಚಿವರು ತಿಳಿಸಿದರು.
ಬೆಂಗಳೂರು, ಅ.12(ಕೆಎಂಶಿ)- ಅಮೆರಿಕಾ ಪ್ರವಾಸದ ವೇಳೆ ವಿವಿಧ ಕಂಪನಿಗಳ ಜೊತೆ ಮಾತುಕತೆ ನಡೆಸಿದ್ದು, ಅಲ್ಲಿನ ಕಂಪನಿಗಳು ರಾಜ್ಯದಲ್ಲಿ ಸುಮಾರು 25,000 ಕೋಟಿ ರೂಪಾಯಿ ಹೂಡಿಕೆ ಮಾಡಲು ಆಸಕ್ತಿ ವ್ಯಕ್ತಪಡಿಸಿವೆ ಎಂದು ಬೃಹತ್ ಮತ್ತು ಮಧ್ಯಮ ಕೈಗಾರಿಕಾ ಸಚಿವ ಎಂ.ಬಿ.ಪಾಟೀಲ್ ಮತ್ತು ಐಟಿ-ಬಿಟಿ ಸಚಿವ ಪ್ರಿಯಾಂಕ್ ಖರ್ಗೆ ಇಲ್ಲಿ ಗುರುವಾರ ಜಂಟಿ ಸುದ್ದಿಗೋಷ್ಠಿಯಲ್ಲಿ ಹೇಳಿದರು. ಸೆಪ್ಟೆಂಬರ್ 12ರಿಂದ ಆರಂಭವಾದ ಪ್ರವಾಸದಲ್ಲಿ ಅಮೆರಿಕಾದ ವಿವಿಧ ನಗರಗಳಿಗೆ ಭೇಟಿ ನೀಡಲಾಯಿತು.
